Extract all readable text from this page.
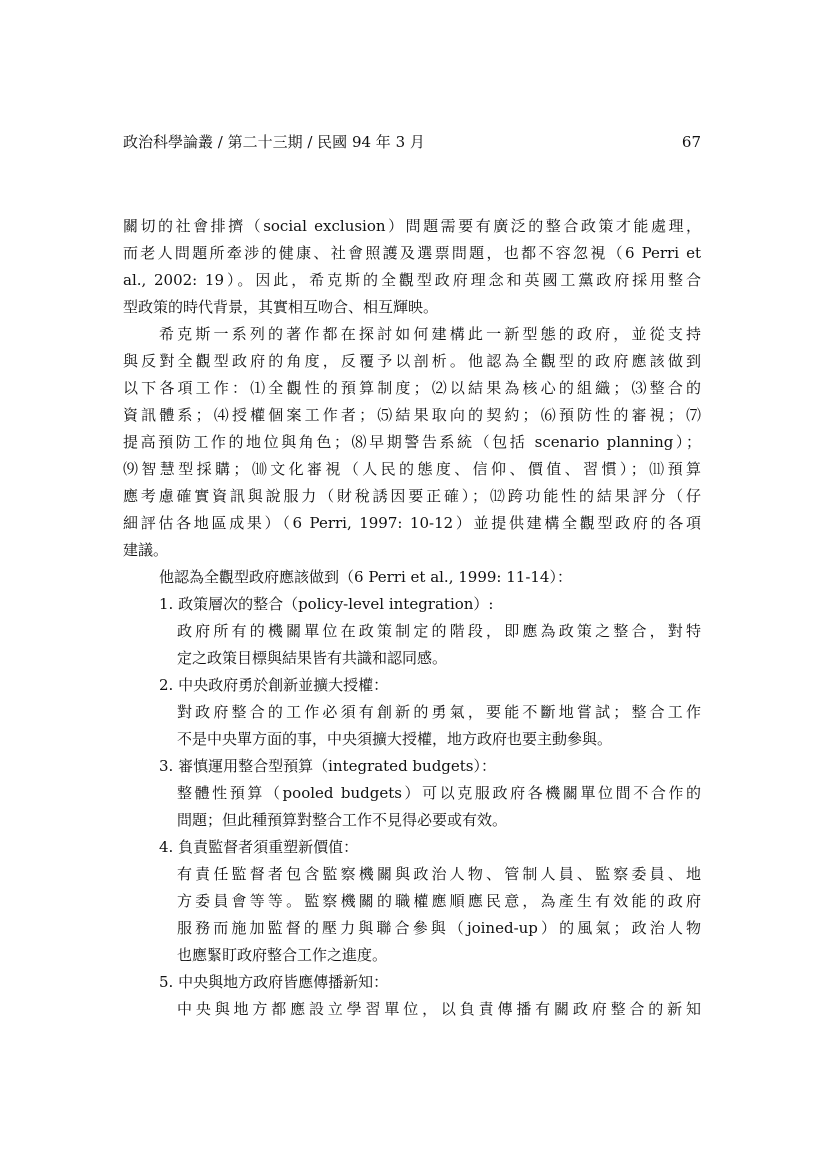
政治科學論叢 / 第二十三期 / 民國 94 年 3 月	67
關切的社會排擠（social exclusion）問題需要有廣泛的整合政策才能處理，
而老人問題所牽涉的健康、社會照護及選票問題，也都不容忽視（6 Perri et
al., 2002: 19）。因此，希克斯的全觀型政府理念和英國工黨政府採用整合
型政策的時代背景，其實相互吻合、相互輝映。
希克斯一系列的著作都在探討如何建構此一新型態的政府，並從支持
與反對全觀型政府的角度，反覆予以剖析。他認為全觀型的政府應該做到
以下各項工作：⑴全觀性的預算制度；⑵以結果為核心的組織；⑶整合的
資訊體系；⑷授權個案工作者；⑸結果取向的契約；⑹預防性的審視；⑺
提高預防工作的地位與角色；⑻早期警告系統（包括 scenario planning）；
⑼智慧型採購；⑽文化審視（人民的態度、信仰、價值、習慣）；⑾預算
應考慮確實資訊與說服力（財稅誘因要正確）；⑿跨功能性的結果評分（仔
細評估各地區成果）（6 Perri, 1997: 10-12）並提供建構全觀型政府的各項
建議。
他認為全觀型政府應該做到（6 Perri et al., 1999: 11-14）：
1. 政策層次的整合（policy-level integration）:
政府所有的機關單位在政策制定的階段，即應為政策之整合，對特
定之政策目標與結果皆有共識和認同感。
2. 中央政府勇於創新並擴大授權：
對政府整合的工作必須有創新的勇氣，要能不斷地嘗試；整合工作
不是中央單方面的事，中央須擴大授權，地方政府也要主動參與。
3. 審慎運用整合型預算（integrated budgets）：
整體性預算（pooled budgets）可以克服政府各機關單位間不合作的
問題；但此種預算對整合工作不見得必要或有效。
4. 負責監督者須重塑新價值：
有責任監督者包含監察機關與政治人物、管制人員、監察委員、地
方委員會等等。監察機關的職權應順應民意，為產生有效能的政府
服務而施加監督的壓力與聯合參與（joined-up）的風氣；政治人物
也應緊盯政府整合工作之進度。
5. 中央與地方政府皆應傳播新知：
中央與地方都應設立學習單位，以負責傳播有關政府整合的新知
